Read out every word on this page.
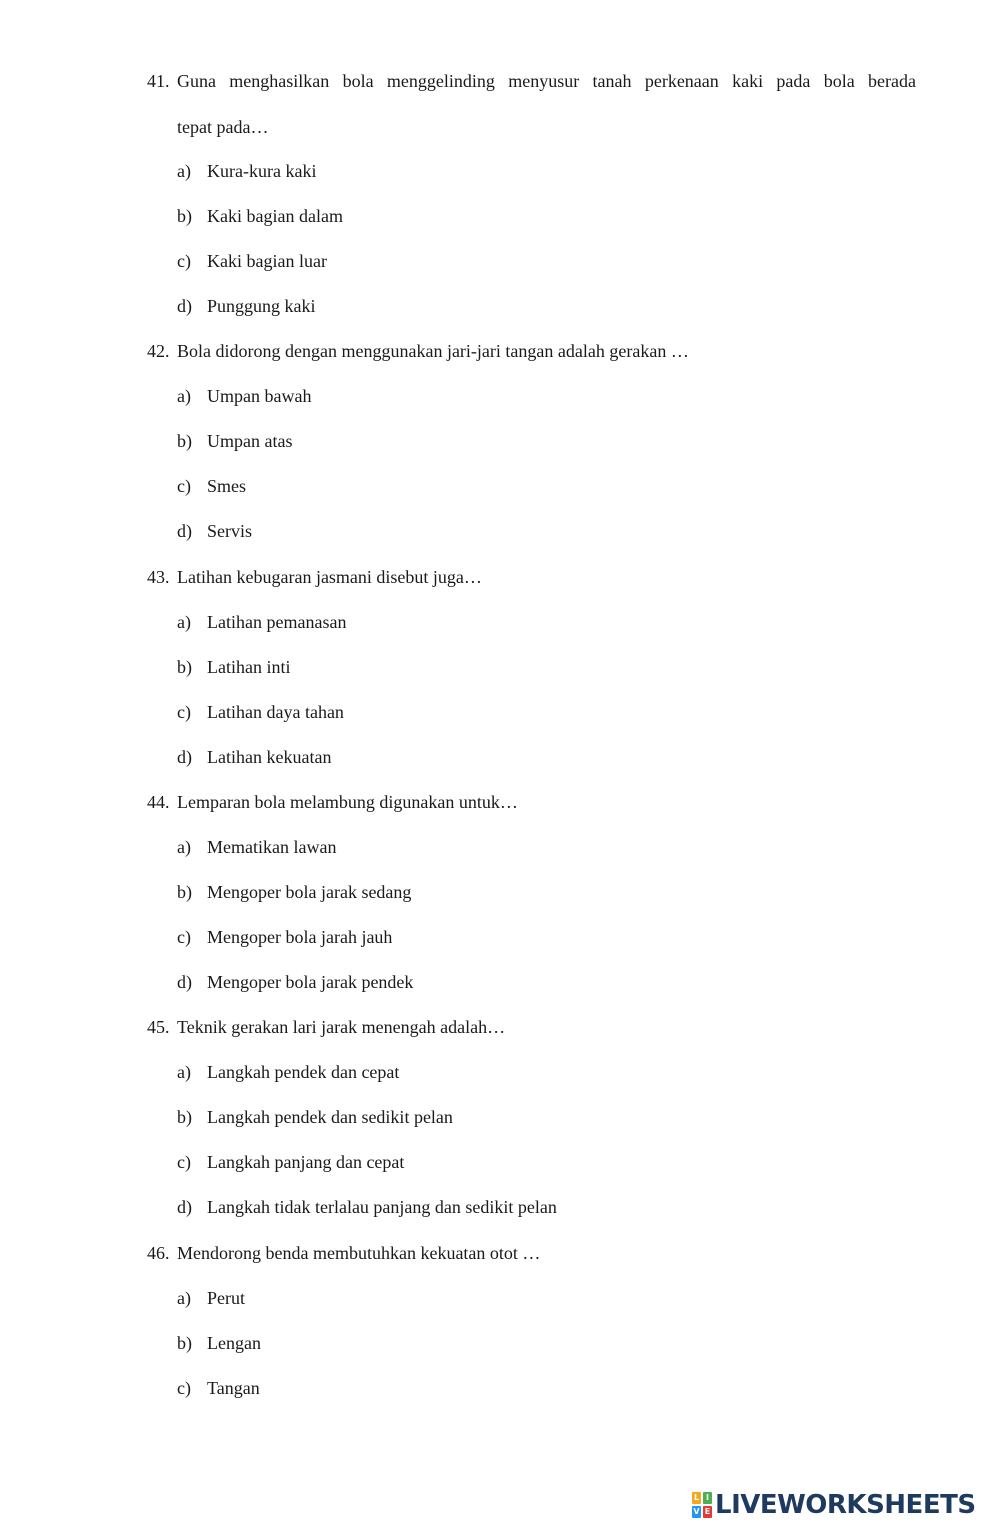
41. Guna menghasilkan bola menggelinding menyusur tanah perkenaan kaki pada bola berada
tepat pada…
a) Kura-kura kaki
b) Kaki bagian dalam
c) Kaki bagian luar
d) Punggung kaki
42. Bola didorong dengan menggunakan jari-jari tangan adalah gerakan …
a) Umpan bawah
b) Umpan atas
c) Smes
d) Servis
43. Latihan kebugaran jasmani disebut juga…
a) Latihan pemanasan
b) Latihan inti
c) Latihan daya tahan
d) Latihan kekuatan
44. Lemparan bola melambung digunakan untuk…
a) Mematikan lawan
b) Mengoper bola jarak sedang
c) Mengoper bola jarah jauh
d) Mengoper bola jarak pendek
45. Teknik gerakan lari jarak menengah adalah…
a) Langkah pendek dan cepat
b) Langkah pendek dan sedikit pelan
c) Langkah panjang dan cepat
d) Langkah tidak terlalau panjang dan sedikit pelan
46. Mendorong benda membutuhkan kekuatan otot …
a) Perut
b) Lengan
c) Tangan
L I
V E LIVEWORKSHEETS
